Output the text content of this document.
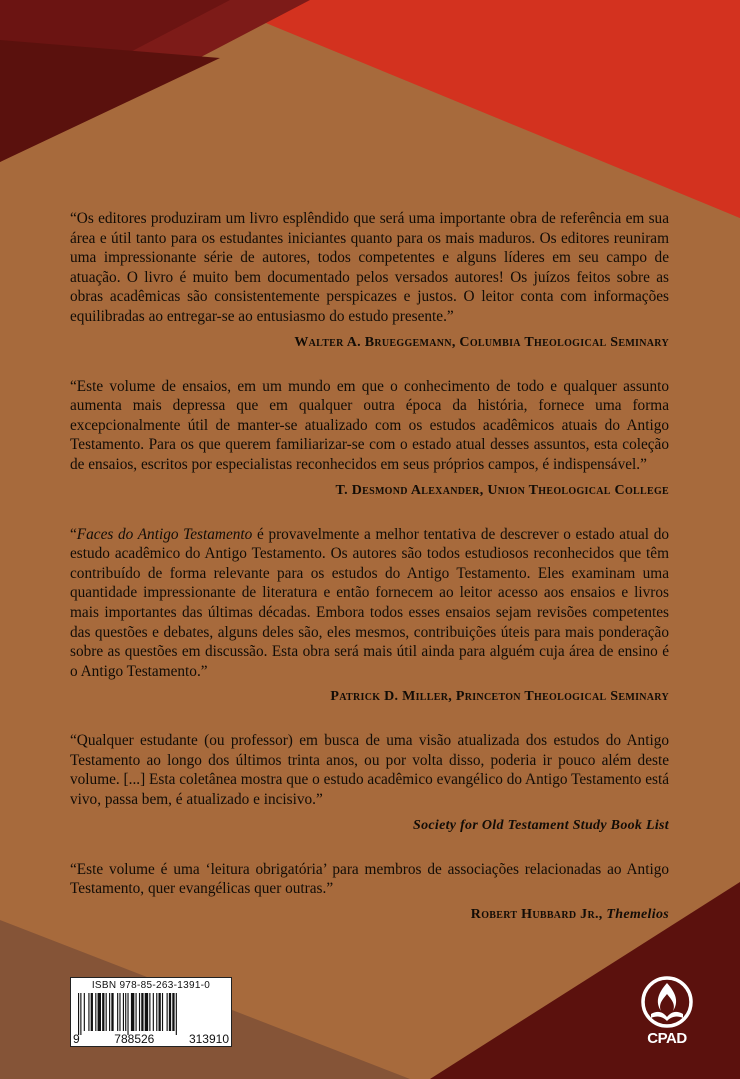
“Os editores produziram um livro esplêndido que será uma importante obra de referência em sua área e útil tanto para os estudantes iniciantes quanto para os mais maduros. Os editores reuniram uma impressionante série de autores, todos competentes e alguns líderes em seu campo de atuação. O livro é muito bem documentado pelos versados autores! Os juízos feitos sobre as obras acadêmicas são consistentemente perspicazes e justos. O leitor conta com informações equilibradas ao entregar-se ao entusiasmo do estudo presente.”

Walter A. Brueggemann, Columbia Theological Seminary

“Este volume de ensaios, em um mundo em que o conhecimento de todo e qualquer assunto aumenta mais depressa que em qualquer outra época da história, fornece uma forma excepcionalmente útil de manter-se atualizado com os estudos acadêmicos atuais do Antigo Testamento. Para os que querem familiarizar-se com o estado atual desses assuntos, esta coleção de ensaios, escritos por especialistas reconhecidos em seus próprios campos, é indispensável.”

T. Desmond Alexander, Union Theological College

“Faces do Antigo Testamento é provavelmente a melhor tentativa de descrever o estado atual do estudo acadêmico do Antigo Testamento. Os autores são todos estudiosos reconhecidos que têm contribuído de forma relevante para os estudos do Antigo Testamento. Eles examinam uma quantidade impressionante de literatura e então fornecem ao leitor acesso aos ensaios e livros mais importantes das últimas décadas. Embora todos esses ensaios sejam revisões competentes das questões e debates, alguns deles são, eles mesmos, contribuições úteis para mais ponderação sobre as questões em discussão. Esta obra será mais útil ainda para alguém cuja área de ensino é o Antigo Testamento.”

Patrick D. Miller, Princeton Theological Seminary

“Qualquer estudante (ou professor) em busca de uma visão atualizada dos estudos do Antigo Testamento ao longo dos últimos trinta anos, ou por volta disso, poderia ir pouco além deste volume. [...] Esta coletânea mostra que o estudo acadêmico evangélico do Antigo Testamento está vivo, passa bem, é atualizado e incisivo.”

Society for Old Testament Study Book List

“Este volume é uma ‘leitura obrigatória’ para membros de associações relacionadas ao Antigo Testamento, quer evangélicas quer outras.”

Robert Hubbard Jr., Themelios

ISBN 978-85-263-1391-0
9	788526	313910	CPAD
